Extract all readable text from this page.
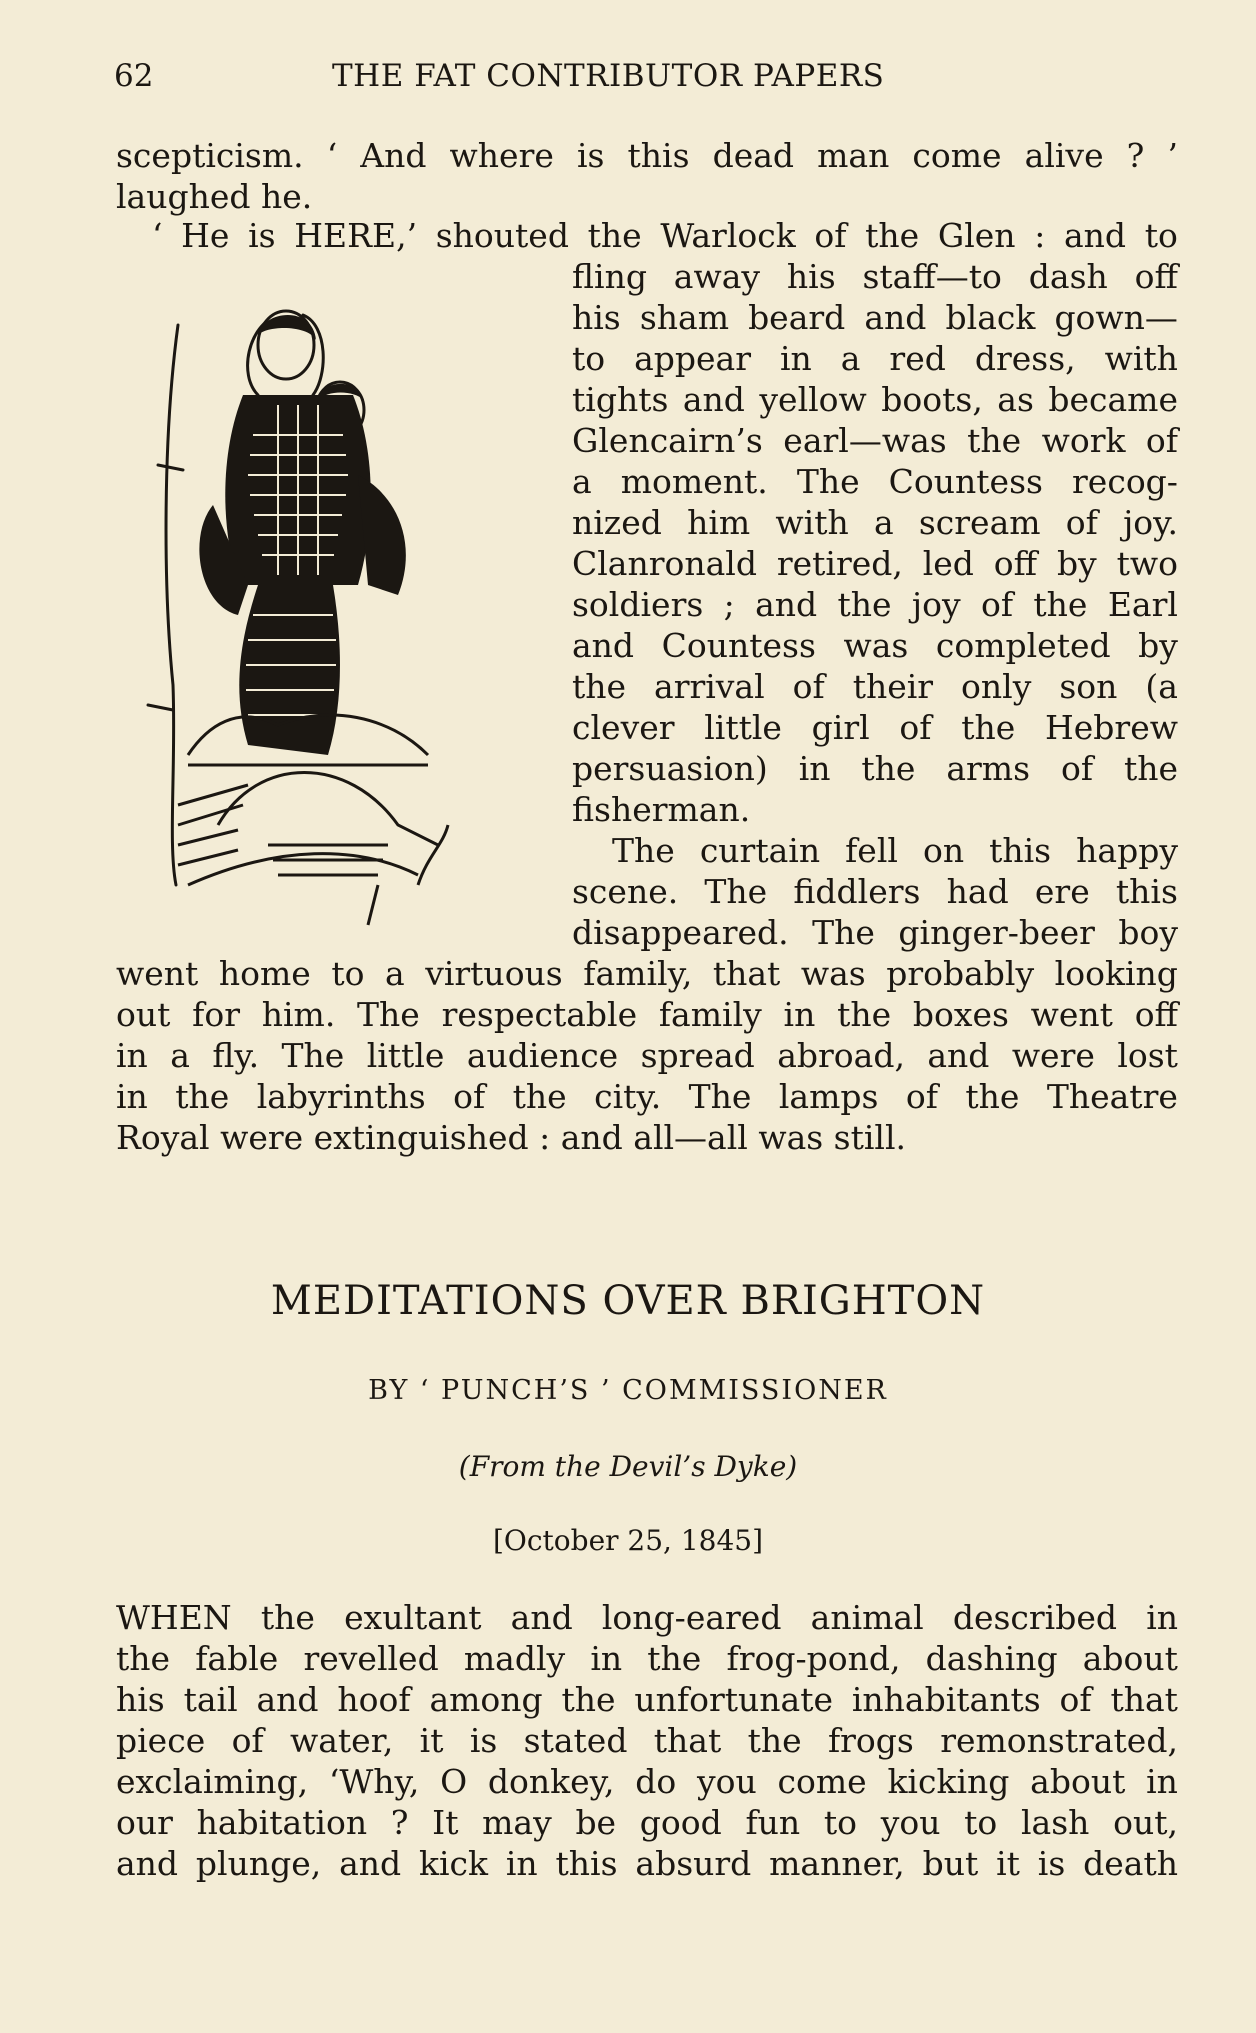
62	THE FAT CONTRIBUTOR PAPERS
scepticism. ‘ And where is this dead man come alive ? ’
laughed he.
‘ He is HERE,’ shouted the Warlock of the Glen : and to
fling away his staff—to dash off
his sham beard and black gown—
to appear in a red dress, with
tights and yellow boots, as became
Glencairn’s earl—was the work of
a moment. The Countess recog-
nized him with a scream of joy.
Clanronald retired, led off by two
soldiers ; and the joy of the Earl
and Countess was completed by
the arrival of their only son (a
clever little girl of the Hebrew
persuasion) in the arms of the
fisherman.
The curtain fell on this happy
scene. The fiddlers had ere this
disappeared. The ginger-beer boy
went home to a virtuous family, that was probably looking
out for him. The respectable family in the boxes went off
in a fly. The little audience spread abroad, and were lost
in the labyrinths of the city. The lamps of the Theatre
Royal were extinguished : and all—all was still.
MEDITATIONS OVER BRIGHTON
BY ‘ PUNCH’S ’ COMMISSIONER
(From the Devil’s Dyke)
[October 25, 1845]
WHEN the exultant and long-eared animal described in
the fable revelled madly in the frog-pond, dashing about
his tail and hoof among the unfortunate inhabitants of that
piece of water, it is stated that the frogs remonstrated,
exclaiming, ‘Why, O donkey, do you come kicking about in
our habitation ? It may be good fun to you to lash out,
and plunge, and kick in this absurd manner, but it is death
